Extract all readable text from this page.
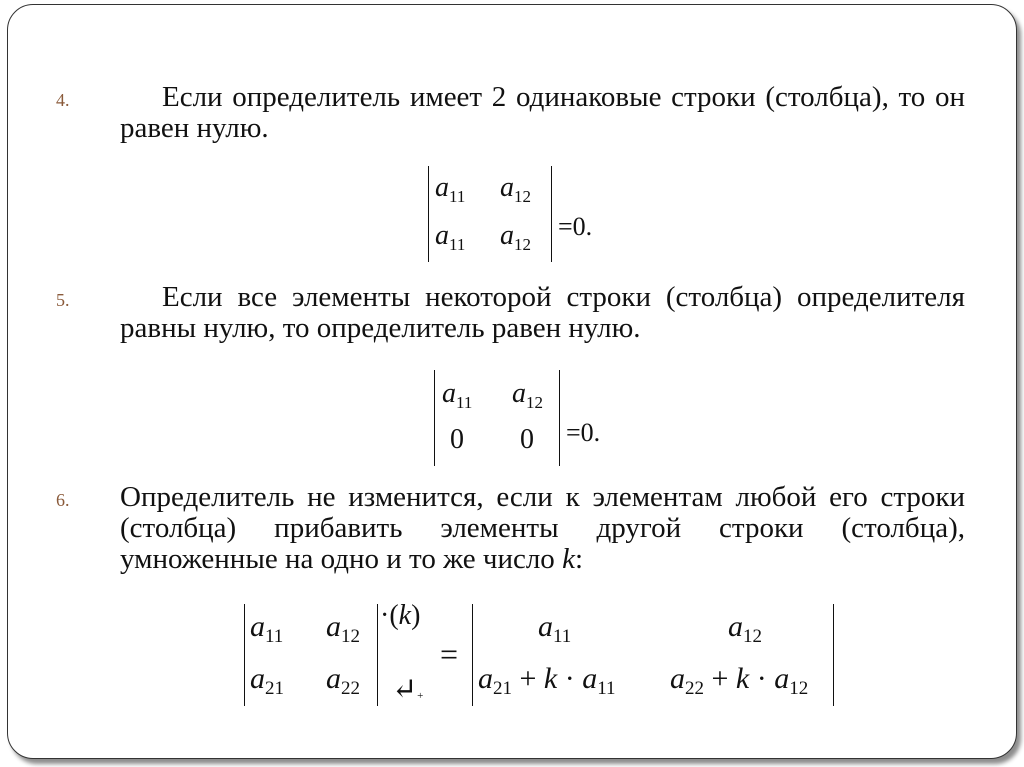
4.	Если определитель имеет 2 одинаковые строки (столбца), то он равен нулю.
$a_{11}$ $a_{12}$
$a_{11}$ $a_{12}$
=0.
5.	Если все элементы некоторой строки (столбца) определителя равны нулю, то определитель равен нулю.
$a_{11}$ $a_{12}$
0 0 =0.
6. Определитель не изменится, если к элементам любой его строки (столбца) прибавить элементы другой строки (столбца), умноженные на одно и то же число k:
$a_{11}$ $a_{12}$
$a_{21}$ $a_{22}$
·(k)
↵+
=
$a_{11}$	$a_{12}$
$a_{21} + k \cdot a_{11}$ $a_{22} + k \cdot a_{12}$
